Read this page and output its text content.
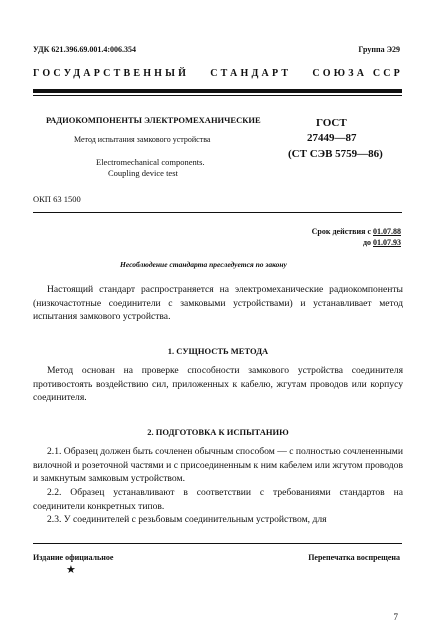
УДК 621.396.69.001.4:006.354	Группа Э29
ГОСУДАРСТВЕННЫЙ СТАНДАРТ СОЮЗА ССР
РАДИОКОМПОНЕНТЫ ЭЛЕКТРОМЕХАНИЧЕСКИЕ
Метод испытания замкового устройства
Electromechanical components.
Coupling device test
ГОСТ
27449—87
(СТ СЭВ 5759—86)
ОКП 63 1500
Срок действия с 01.07.88
до 01.07.93
Несоблюдение стандарта преследуется по закону
Настоящий стандарт распространяется на электромеханические радиокомпоненты (низкочастотные соединители с замковыми устройствами) и устанавливает метод испытания замкового устройства.
1. СУЩНОСТЬ МЕТОДА
Метод основан на проверке способности замкового устройства соединителя противостоять воздействию сил, приложенных к кабелю, жгутам проводов или корпусу соединителя.
2. ПОДГОТОВКА К ИСПЫТАНИЮ
2.1. Образец должен быть сочленен обычным способом — с полностью сочлененными вилочной и розеточной частями и с присоединенным к ним кабелем или жгутом проводов и замкнутым замковым устройством.
2.2. Образец устанавливают в соответствии с требованиями стандартов на соединители конкретных типов.
2.3. У соединителей с резьбовым соединительным устройством, для
Издание официальное	Перепечатка воспрещена
★
7
